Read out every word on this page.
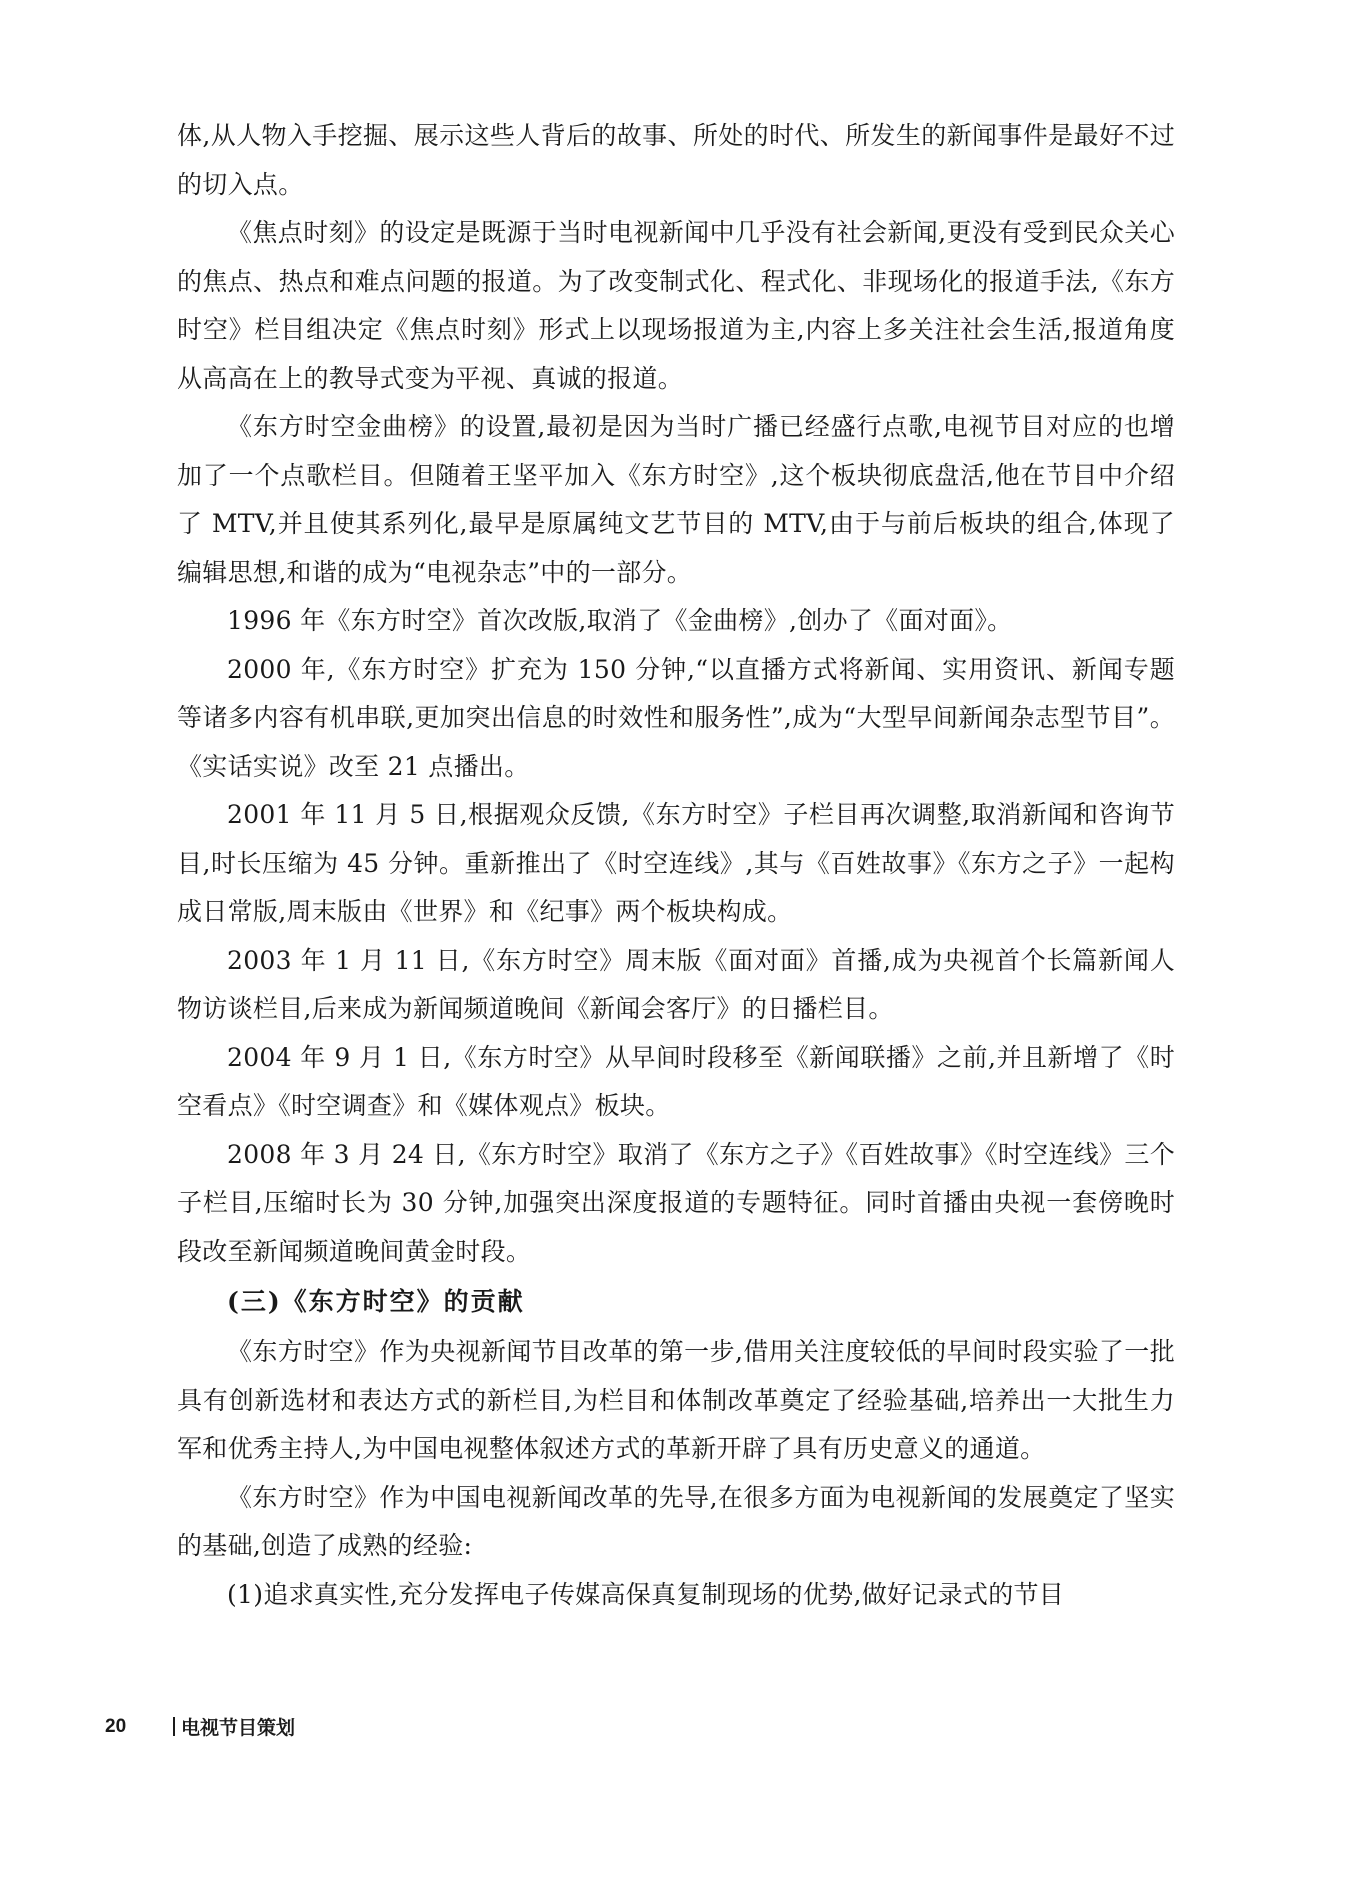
体,从人物入手挖掘、展示这些人背后的故事、所处的时代、所发生的新闻事件是最好不过的切入点。

《焦点时刻》的设定是既源于当时电视新闻中几乎没有社会新闻,更没有受到民众关心的焦点、热点和难点问题的报道。为了改变制式化、程式化、非现场化的报道手法,《东方时空》栏目组决定《焦点时刻》形式上以现场报道为主,内容上多关注社会生活,报道角度从高高在上的教导式变为平视、真诚的报道。

《东方时空金曲榜》的设置,最初是因为当时广播已经盛行点歌,电视节目对应的也增加了一个点歌栏目。但随着王坚平加入《东方时空》,这个板块彻底盘活,他在节目中介绍了 MTV,并且使其系列化,最早是原属纯文艺节目的 MTV,由于与前后板块的组合,体现了编辑思想,和谐的成为“电视杂志”中的一部分。

1996 年《东方时空》首次改版,取消了《金曲榜》,创办了《面对面》。

2000 年,《东方时空》扩充为 150 分钟,“以直播方式将新闻、实用资讯、新闻专题等诸多内容有机串联,更加突出信息的时效性和服务性”,成为“大型早间新闻杂志型节目”。《实话实说》改至 21 点播出。

2001 年 11 月 5 日,根据观众反馈,《东方时空》子栏目再次调整,取消新闻和咨询节目,时长压缩为 45 分钟。重新推出了《时空连线》,其与《百姓故事》《东方之子》一起构成日常版,周末版由《世界》和《纪事》两个板块构成。

2003 年 1 月 11 日,《东方时空》周末版《面对面》首播,成为央视首个长篇新闻人物访谈栏目,后来成为新闻频道晚间《新闻会客厅》的日播栏目。

2004 年 9 月 1 日,《东方时空》从早间时段移至《新闻联播》之前,并且新增了《时空看点》《时空调查》和《媒体观点》板块。

2008 年 3 月 24 日,《东方时空》取消了《东方之子》《百姓故事》《时空连线》三个子栏目,压缩时长为 30 分钟,加强突出深度报道的专题特征。同时首播由央视一套傍晚时段改至新闻频道晚间黄金时段。

(三)《东方时空》的贡献

《东方时空》作为央视新闻节目改革的第一步,借用关注度较低的早间时段实验了一批具有创新选材和表达方式的新栏目,为栏目和体制改革奠定了经验基础,培养出一大批生力军和优秀主持人,为中国电视整体叙述方式的革新开辟了具有历史意义的通道。

《东方时空》作为中国电视新闻改革的先导,在很多方面为电视新闻的发展奠定了坚实的基础,创造了成熟的经验:

(1)追求真实性,充分发挥电子传媒高保真复制现场的优势,做好记录式的节目

20	电视节目策划
